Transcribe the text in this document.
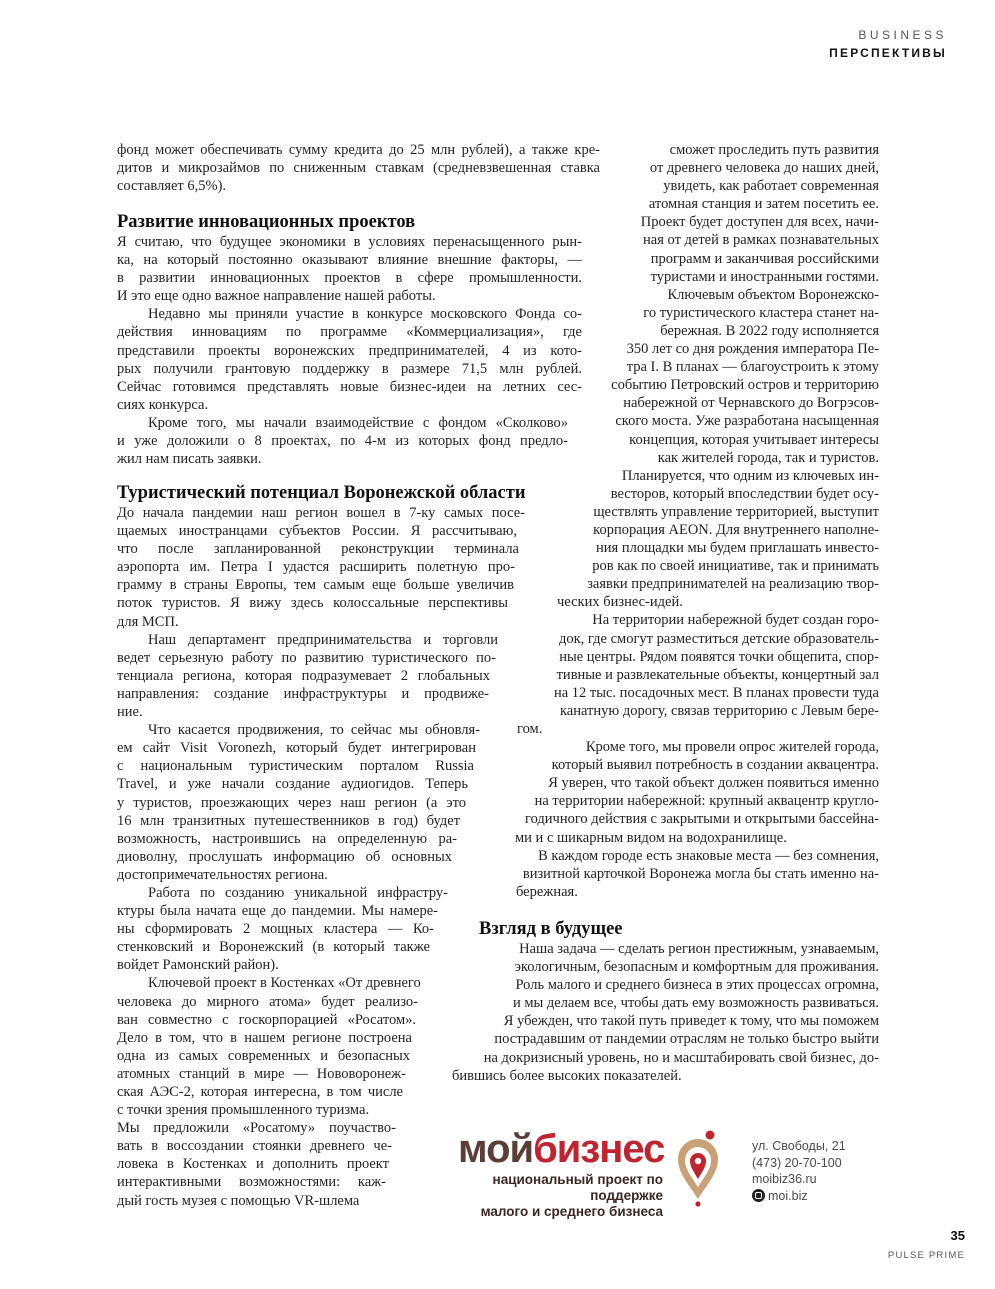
BUSINESS
ПЕРСПЕКТИВЫ
фонд может обеспечивать сумму кредита до 25 млн рублей), а также кре-
дитов и микрозаймов по сниженным ставкам (средневзвешенная ставка
составляет 6,5%).
Развитие инновационных проектов
Я считаю, что будущее экономики в условиях перенасыщенного рын-
ка, на который постоянно оказывают влияние внешние факторы, —
в развитии инновационных проектов в сфере промышленности.
И это еще одно важное направление нашей работы.
Недавно мы приняли участие в конкурсе московского Фонда со-
действия инновациям по программе «Коммерциализация», где
представили проекты воронежских предпринимателей, 4 из кото-
рых получили грантовую поддержку в размере 71,5 млн рублей.
Сейчас готовимся представлять новые бизнес-идеи на летних сес-
сиях конкурса.
Кроме того, мы начали взаимодействие с фондом «Сколково»
и уже доложили о 8 проектах, по 4-м из которых фонд предло-
жил нам писать заявки.
Туристический потенциал Воронежской области
До начала пандемии наш регион вошел в 7-ку самых посе-
щаемых иностранцами субъектов России. Я рассчитываю,
что после запланированной реконструкции терминала
аэропорта им. Петра I удастся расширить полетную про-
грамму в страны Европы, тем самым еще больше увеличив
поток туристов. Я вижу здесь колоссальные перспективы
для МСП.
Наш департамент предпринимательства и торговли
ведет серьезную работу по развитию туристического по-
тенциала региона, которая подразумевает 2 глобальных
направления: создание инфраструктуры и продвиже-
ние.
Что касается продвижения, то сейчас мы обновля-
ем сайт Visit Voronezh, который будет интегрирован
с национальным туристическим порталом Russia
Travel, и уже начали создание аудиогидов. Теперь
у туристов, проезжающих через наш регион (а это
16 млн транзитных путешественников в год) будет
возможность, настроившись на определенную ра-
диоволну, прослушать информацию об основных
достопримечательностях региона.
Работа по созданию уникальной инфрастру-
ктуры была начата еще до пандемии. Мы намере-
ны сформировать 2 мощных кластера — Ко-
стенковский и Воронежский (в который также
войдет Рамонский район).
Ключевой проект в Костенках «От древнего
человека до мирного атома» будет реализо-
ван совместно с госкорпорацией «Росатом».
Дело в том, что в нашем регионе построена
одна из самых современных и безопасных
атомных станций в мире — Нововоронеж-
ская АЭС-2, которая интересна, в том числе
с точки зрения промышленного туризма.
Мы предложили «Росатому» поучаство-
вать в воссоздании стоянки древнего че-
ловека в Костенках и дополнить проект
интерактивными возможностями: каж-
дый гость музея с помощью VR-шлема
сможет проследить путь развития
от древнего человека до наших дней,
увидеть, как работает современная
атомная станция и затем посетить ее.
Проект будет доступен для всех, начи-
ная от детей в рамках познавательных
программ и заканчивая российскими
туристами и иностранными гостями.
Ключевым объектом Воронежско-
го туристического кластера станет на-
бережная. В 2022 году исполняется
350 лет со дня рождения императора Пе-
тра I. В планах — благоустроить к этому
событию Петровский остров и территорию
набережной от Чернавского до Вогрэсов-
ского моста. Уже разработана насыщенная
концепция, которая учитывает интересы
как жителей города, так и туристов.
Планируется, что одним из ключевых ин-
весторов, который впоследствии будет осу-
ществлять управление территорией, выступит
корпорация AEON. Для внутреннего наполне-
ния площадки мы будем приглашать инвесто-
ров как по своей инициативе, так и принимать
заявки предпринимателей на реализацию твор-
ческих бизнес-идей.
На территории набережной будет создан горо-
док, где смогут разместиться детские образователь-
ные центры. Рядом появятся точки общепита, спор-
тивные и развлекательные объекты, концертный зал
на 12 тыс. посадочных мест. В планах провести туда
канатную дорогу, связав территорию с Левым бере-
гом.
Кроме того, мы провели опрос жителей города,
который выявил потребность в создании аквацентра.
Я уверен, что такой объект должен появиться именно
на территории набережной: крупный аквацентр кругло-
годичного действия с закрытыми и открытыми бассейна-
ми и с шикарным видом на водохранилище.
В каждом городе есть знаковые места — без сомнения,
визитной карточкой Воронежа могла бы стать именно на-
бережная.
Взгляд в будущее
Наша задача — сделать регион престижным, узнаваемым,
экологичным, безопасным и комфортным для проживания.
Роль малого и среднего бизнеса в этих процессах огромна,
и мы делаем все, чтобы дать ему возможность развиваться.
Я убежден, что такой путь приведет к тому, что мы поможем
пострадавшим от пандемии отраслям не только быстро выйти
на докризисный уровень, но и масштабировать свой бизнес, до-
бившись более высоких показателей.
мойбизнес
национальный проект по поддержке
малого и среднего бизнеса
ул. Свободы, 21
(473) 20-70-100
moibiz36.ru
moi.biz
35
PULSE PRIME
